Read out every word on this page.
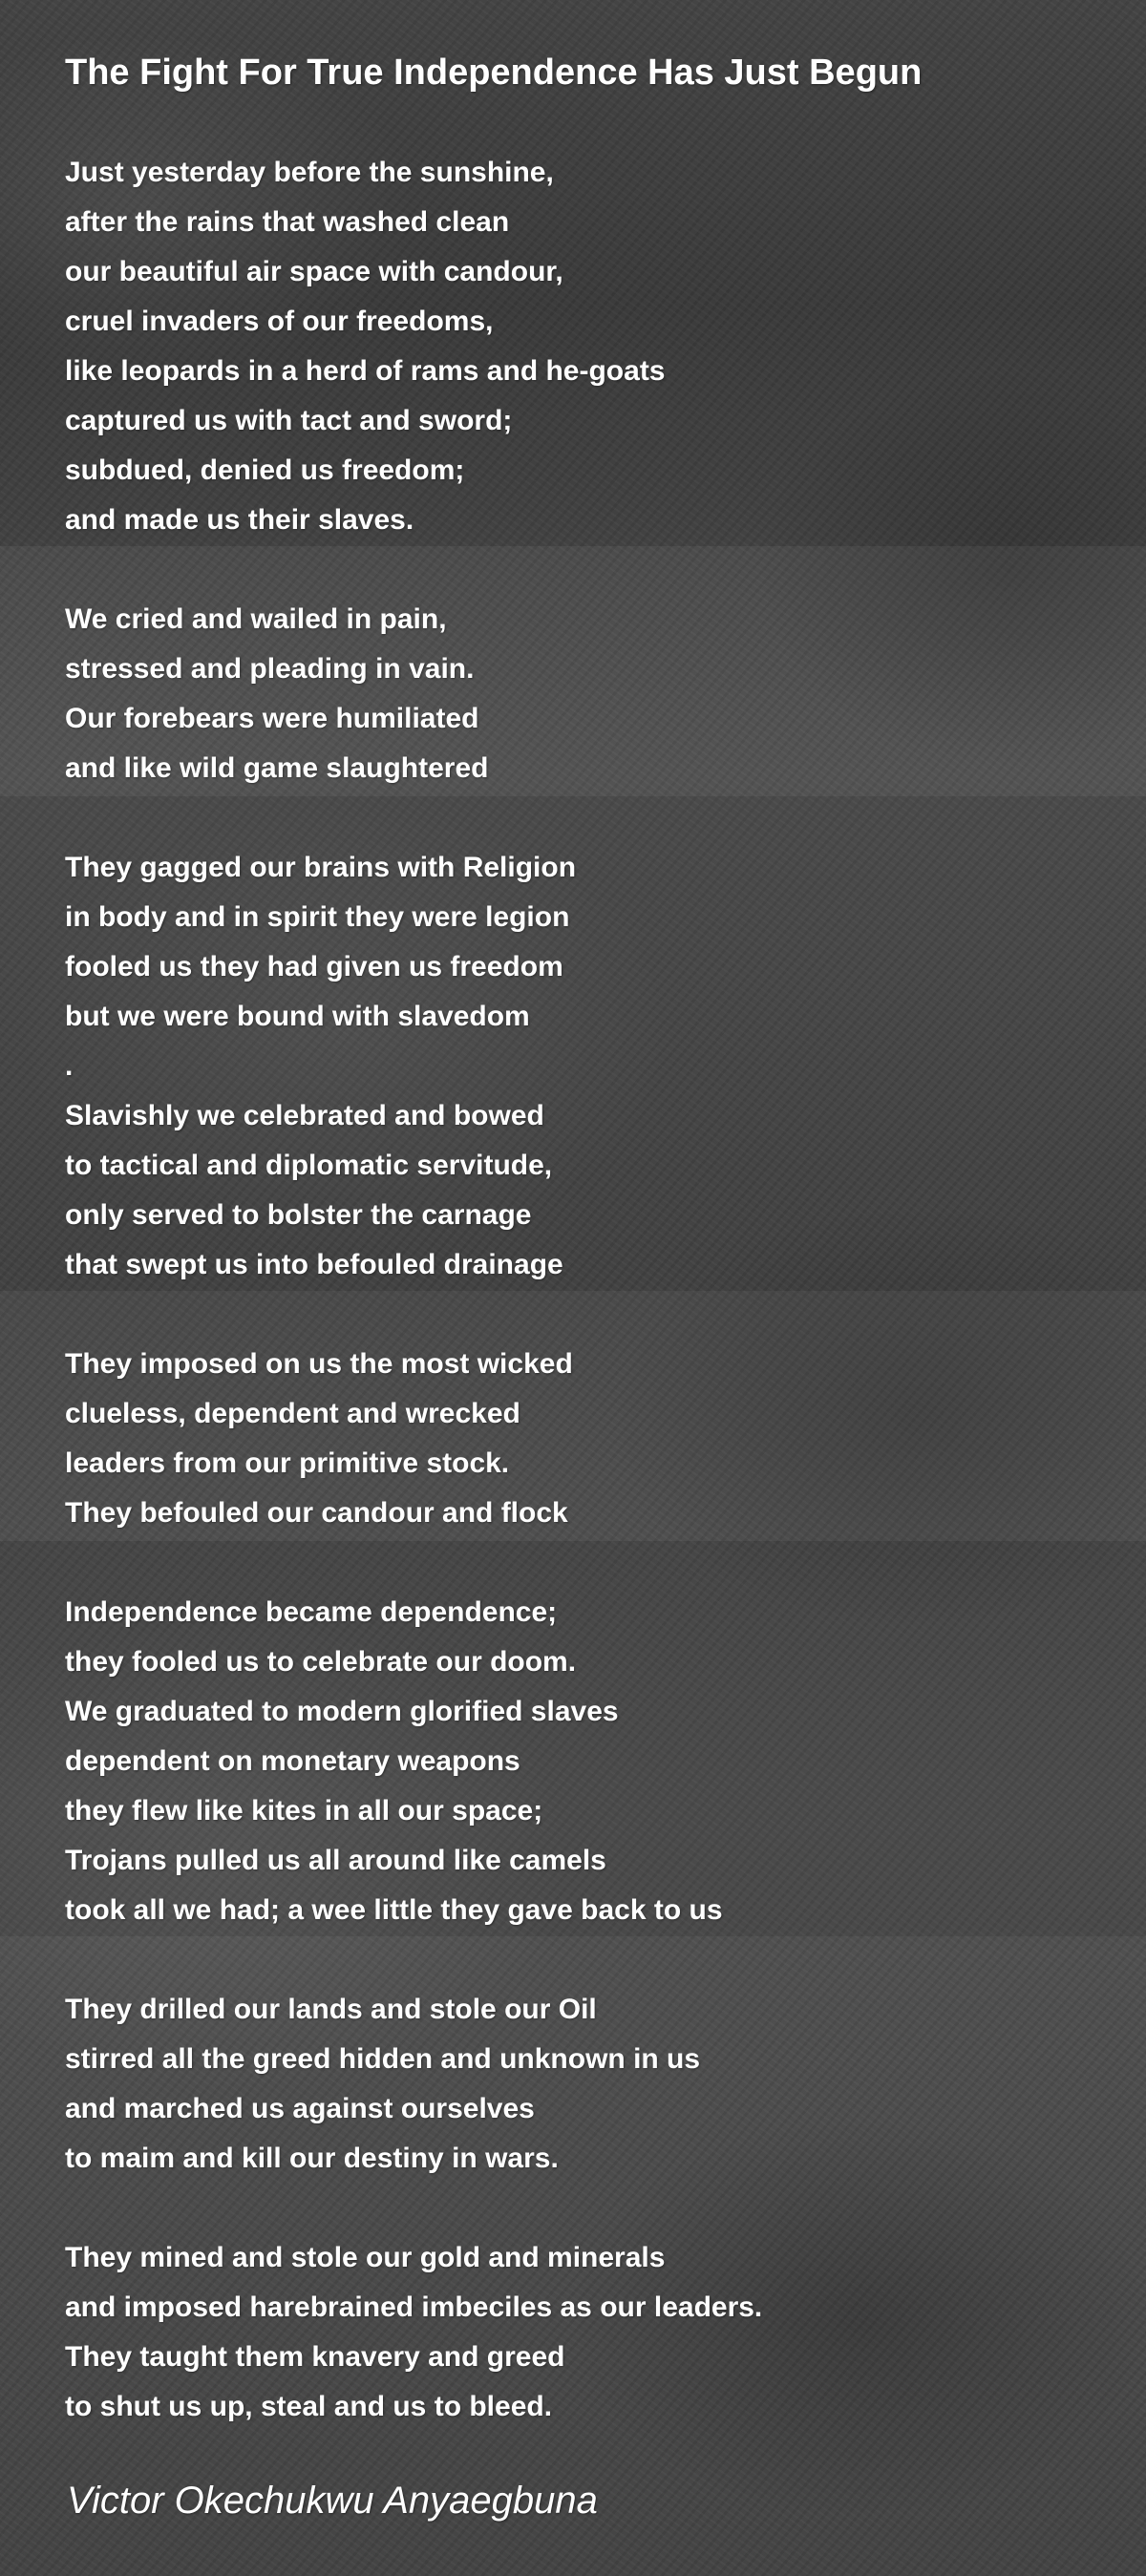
The Fight For True Independence Has Just Begun

Just yesterday before the sunshine,
after the rains that washed clean
our beautiful air space with candour,
cruel invaders of our freedoms,
like leopards in a herd of rams and he-goats
captured us with tact and sword;
subdued, denied us freedom;
and made us their slaves.

We cried and wailed in pain,
stressed and pleading in vain.
Our forebears were humiliated
and like wild game slaughtered

They gagged our brains with Religion
in body and in spirit they were legion
fooled us they had given us freedom
but we were bound with slavedom
.
Slavishly we celebrated and bowed
to tactical and diplomatic servitude,
only served to bolster the carnage
that swept us into befouled drainage

They imposed on us the most wicked
clueless, dependent and wrecked
leaders from our primitive stock.
They befouled our candour and flock

Independence became dependence;
they fooled us to celebrate our doom.
We graduated to modern glorified slaves
dependent on monetary weapons
they flew like kites in all our space;
Trojans pulled us all around like camels
took all we had; a wee little they gave back to us

They drilled our lands and stole our Oil
stirred all the greed hidden and unknown in us
and marched us against ourselves
to maim and kill our destiny in wars.

They mined and stole our gold and minerals
and imposed harebrained imbeciles as our leaders.
They taught them knavery and greed
to shut us up, steal and us to bleed.

Victor Okechukwu Anyaegbuna
